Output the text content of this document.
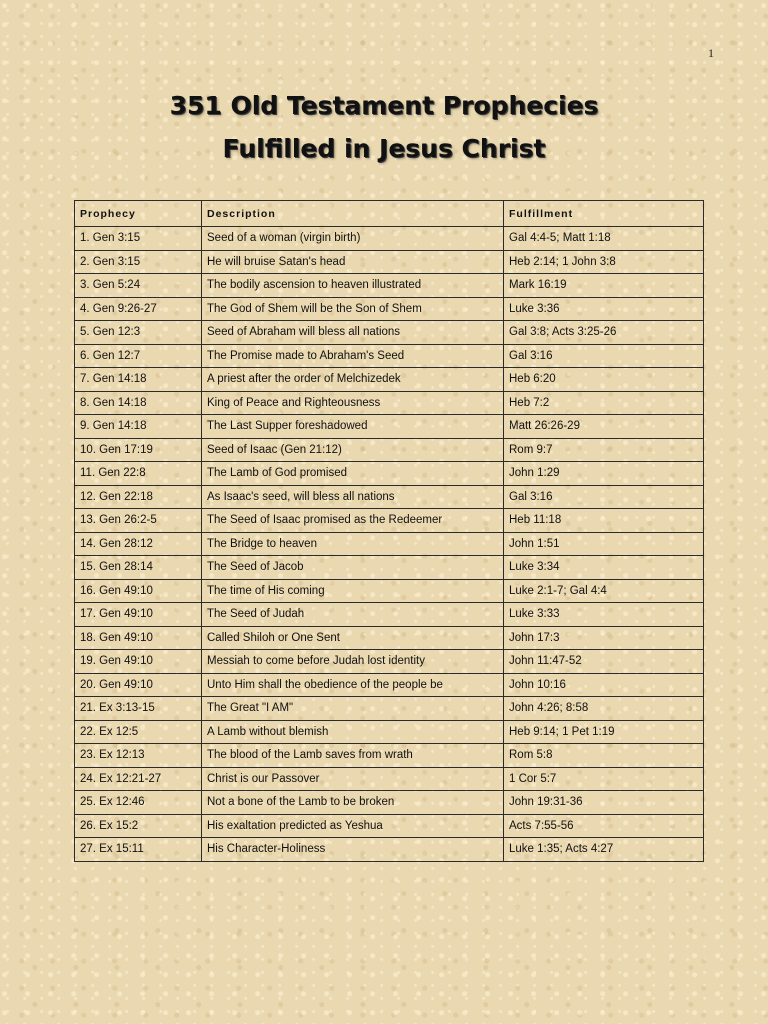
1
351 Old Testament Prophecies
Fulfilled in Jesus Christ
Prophecy	Description	Fulfillment
1. Gen 3:15	Seed of a woman (virgin birth)	Gal 4:4-5; Matt 1:18
2. Gen 3:15	He will bruise Satan's head	Heb 2:14; 1 John 3:8
3. Gen 5:24	The bodily ascension to heaven illustrated	Mark 16:19
4. Gen 9:26-27	The God of Shem will be the Son of Shem	Luke 3:36
5. Gen 12:3	Seed of Abraham will bless all nations	Gal 3:8; Acts 3:25-26
6. Gen 12:7	The Promise made to Abraham's Seed	Gal 3:16
7. Gen 14:18	A priest after the order of Melchizedek	Heb 6:20
8. Gen 14:18	King of Peace and Righteousness	Heb 7:2
9. Gen 14:18	The Last Supper foreshadowed	Matt 26:26-29
10. Gen 17:19	Seed of Isaac (Gen 21:12)	Rom 9:7
11. Gen 22:8	The Lamb of God promised	John 1:29
12. Gen 22:18	As Isaac's seed, will bless all nations	Gal 3:16
13. Gen 26:2-5	The Seed of Isaac promised as the Redeemer	Heb 11:18
14. Gen 28:12	The Bridge to heaven	John 1:51
15. Gen 28:14	The Seed of Jacob	Luke 3:34
16. Gen 49:10	The time of His coming	Luke 2:1-7; Gal 4:4
17. Gen 49:10	The Seed of Judah	Luke 3:33
18. Gen 49:10	Called Shiloh or One Sent	John 17:3
19. Gen 49:10	Messiah to come before Judah lost identity	John 11:47-52
20. Gen 49:10	Unto Him shall the obedience of the people be	John 10:16
21. Ex 3:13-15	The Great "I AM"	John 4:26; 8:58
22. Ex 12:5	A Lamb without blemish	Heb 9:14; 1 Pet 1:19
23. Ex 12:13	The blood of the Lamb saves from wrath	Rom 5:8
24. Ex 12:21-27	Christ is our Passover	1 Cor 5:7
25. Ex 12:46	Not a bone of the Lamb to be broken	John 19:31-36
26. Ex 15:2	His exaltation predicted as Yeshua	Acts 7:55-56
27. Ex 15:11	His Character-Holiness	Luke 1:35; Acts 4:27
